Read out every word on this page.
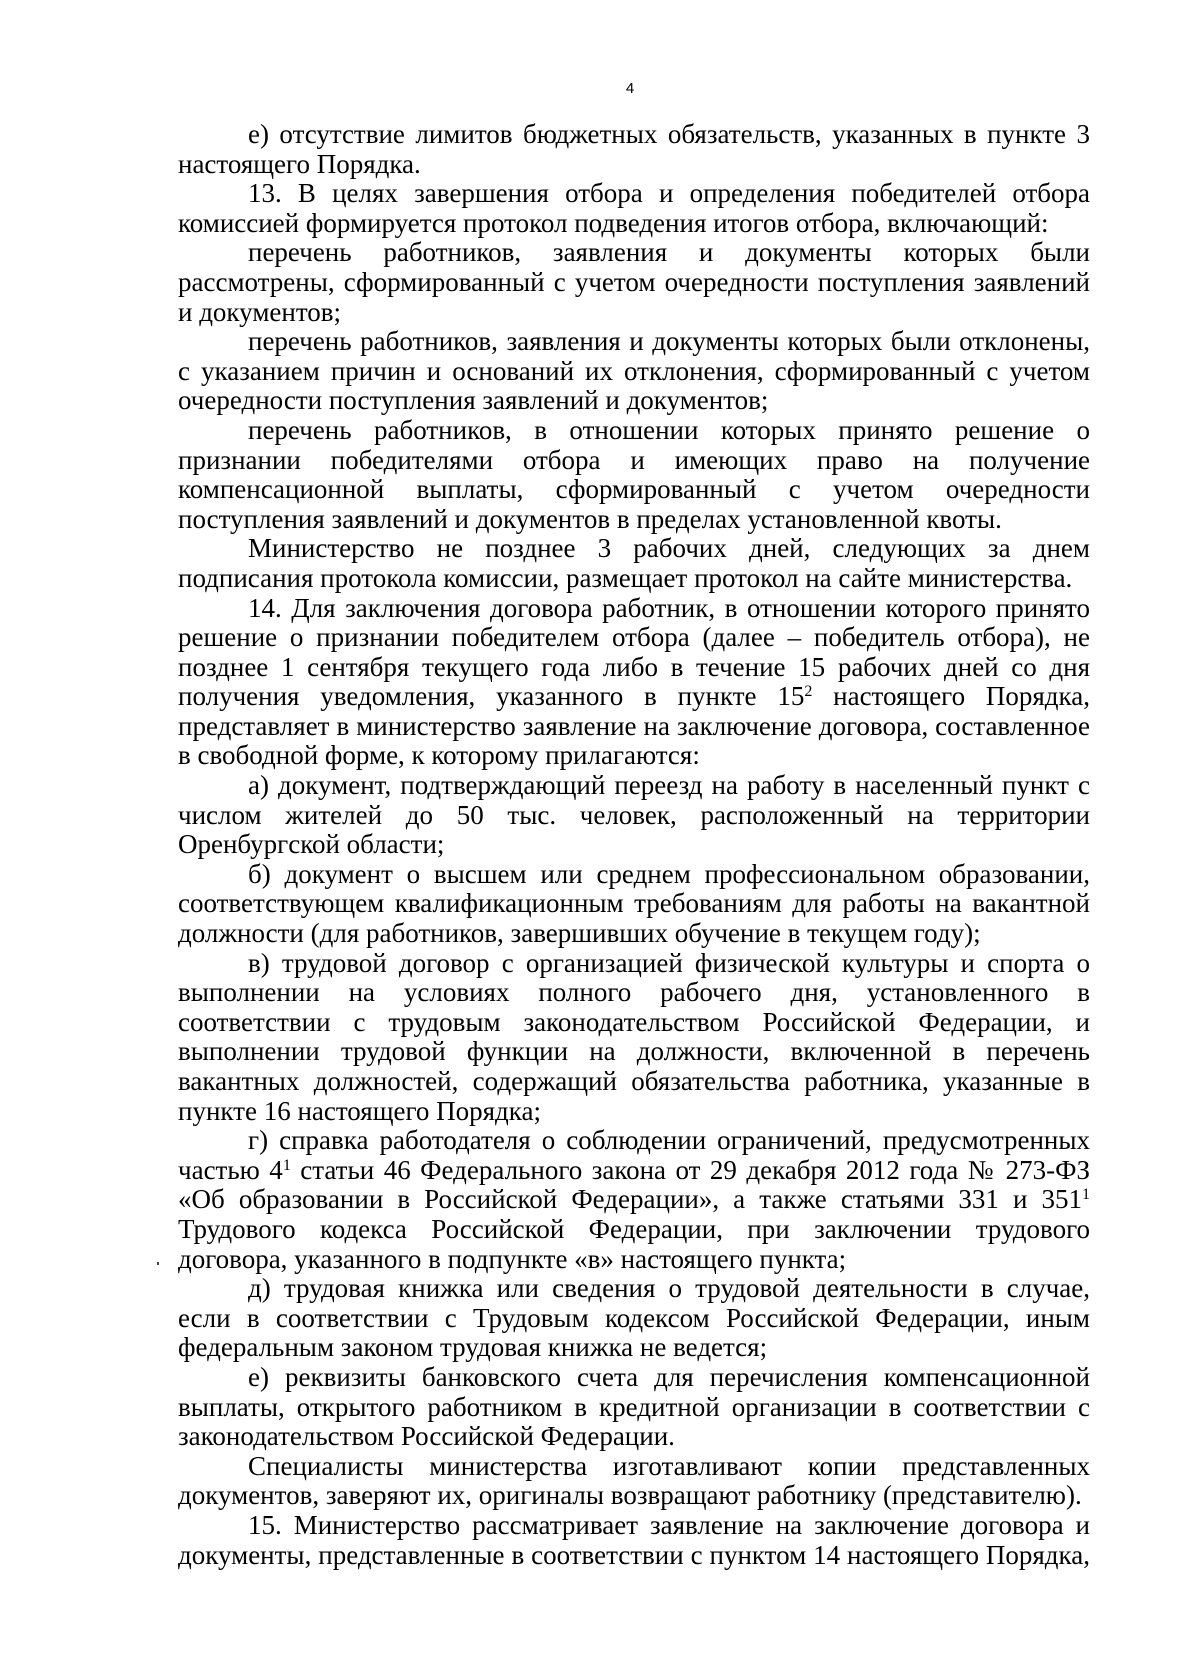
4

е) отсутствие лимитов бюджетных обязательств, указанных в пункте 3 настоящего Порядка.

13. В целях завершения отбора и определения победителей отбора комиссией формируется протокол подведения итогов отбора, включающий:

перечень работников, заявления и документы которых были рассмотрены, сформированный с учетом очередности поступления заявлений и документов;

перечень работников, заявления и документы которых были отклонены, с указанием причин и оснований их отклонения, сформированный с учетом очередности поступления заявлений и документов;

перечень работников, в отношении которых принято решение о признании победителями отбора и имеющих право на получение компенсационной выплаты, сформированный с учетом очередности поступления заявлений и документов в пределах установленной квоты.

Министерство не позднее 3 рабочих дней, следующих за днем подписания протокола комиссии, размещает протокол на сайте министерства.

14. Для заключения договора работник, в отношении которого принято решение о признании победителем отбора (далее – победитель отбора), не позднее 1 сентября текущего года либо в течение 15 рабочих дней со дня получения уведомления, указанного в пункте $15^2$ настоящего Порядка, представляет в министерство заявление на заключение договора, составленное в свободной форме, к которому прилагаются:

а) документ, подтверждающий переезд на работу в населенный пункт с числом жителей до 50 тыс. человек, расположенный на территории Оренбургской области;

б) документ о высшем или среднем профессиональном образовании, соответствующем квалификационным требованиям для работы на вакантной должности (для работников, завершивших обучение в текущем году);

в) трудовой договор с организацией физической культуры и спорта о выполнении на условиях полного рабочего дня, установленного в соответствии с трудовым законодательством Российской Федерации, и выполнении трудовой функции на должности, включенной в перечень вакантных должностей, содержащий обязательства работника, указанные в пункте 16 настоящего Порядка;

г) справка работодателя о соблюдении ограничений, предусмотренных частью $4^1$ статьи 46 Федерального закона от 29 декабря 2012 года № 273-ФЗ «Об образовании в Российской Федерации», а также статьями 331 и $351^1$ Трудового кодекса Российской Федерации, при заключении трудового договора, указанного в подпункте «в» настоящего пункта;

д) трудовая книжка или сведения о трудовой деятельности в случае, если в соответствии с Трудовым кодексом Российской Федерации, иным федеральным законом трудовая книжка не ведется;

е) реквизиты банковского счета для перечисления компенсационной выплаты, открытого работником в кредитной организации в соответствии с законодательством Российской Федерации.

Специалисты министерства изготавливают копии представленных документов, заверяют их, оригиналы возвращают работнику (представителю).

15. Министерство рассматривает заявление на заключение договора и документы, представленные в соответствии с пунктом 14 настоящего Порядка,
